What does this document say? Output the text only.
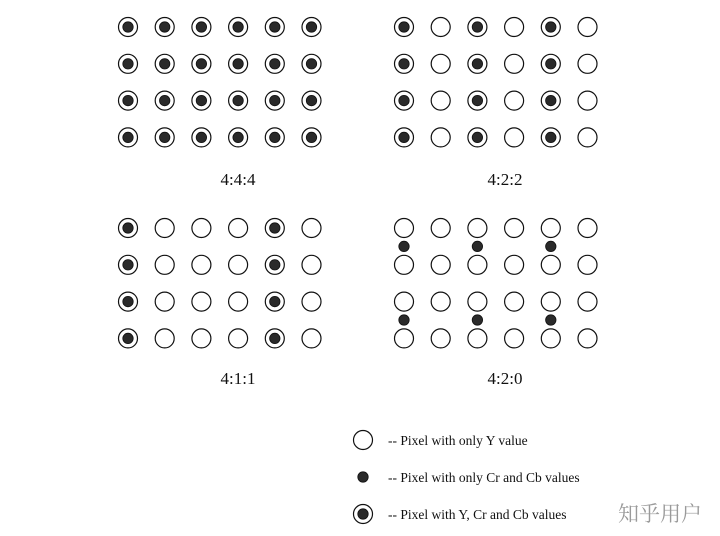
4:4:4	4:2:2
4:1:1	4:2:0
-- Pixel with only Y value
-- Pixel with only Cr and Cb values
-- Pixel with Y, Cr and Cb values 知乎用户
